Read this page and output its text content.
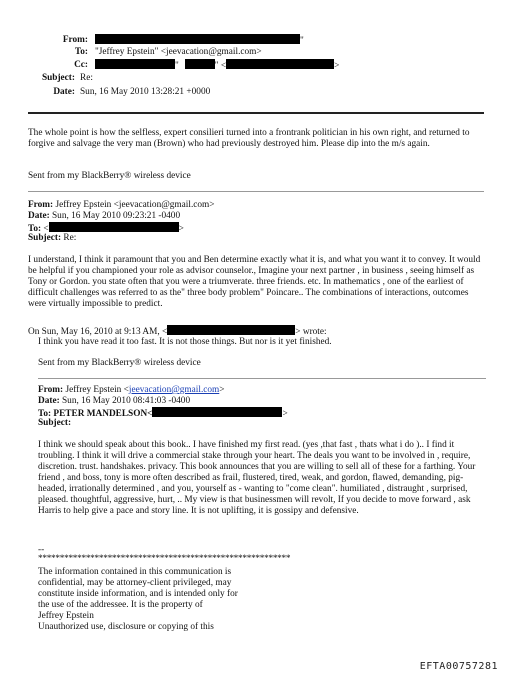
From:	"
To: "Jeffrey Epstein" <jeevacation@gmail.com>
Cc:	"	" <	>
Subject: Re:
Date: Sun, 16 May 2010 13:28:21 +0000
The whole point is how the selfless, expert consilieri turned into a frontrank politician in his own right, and returned to forgive and salvage the very man (Brown) who had previously destroyed him. Please dip into the m/s again.
Sent from my BlackBerry® wireless device
From: Jeffrey Epstein <jeevacation@gmail.com>
Date: Sun, 16 May 2010 09:23:21 -0400
To: <	>
Subject: Re:
I understand, I think it paramount that you and Ben determine exactly what it is, and what you want it to convey. It would be helpful if you championed your role as advisor counselor., Imagine your next partner , in business , seeing himself as Tony or Gordon. you state often that you were a triumverate. three friends. etc. In mathematics , one of the earliest of difficult challenges was referred to as the" three body problem" Poincare.. The combinations of interactions, outcomes were virtually impossible to predict.
On Sun, May 16, 2010 at 9:13 AM, <	> wrote:
I think you have read it too fast. It is not those things. But nor is it yet finished.
Sent from my BlackBerry® wireless device
From: Jeffrey Epstein <jeevacation@gmail.com>
Date: Sun, 16 May 2010 08:41:03 -0400
To: PETER MANDELSON<	>
Subject:
I think we should speak about this book.. I have finished my first read. (yes ,that fast , thats what i do ).. I find it troubling. I think it will drive a commercial stake through your heart. The deals you want to be involved in , require, discretion. trust. handshakes. privacy. This book announces that you are willing to sell all of these for a farthing. Your friend , and boss, tony is more often described as frail, flustered, tired, weak, and gordon, flawed, demanding, pig-headed, irrationally determined , and you, yourself as - wanting to "come clean". humiliated , distraught , surprised, pleased. thoughtful, aggressive, hurt, .. My view is that businessmen will revolt, If you decide to move forward , ask Harris to help give a pace and story line. It is not uplifting, it is gossipy and defensive.
--
**********************************************************
The information contained in this communication is
confidential, may be attorney-client privileged, may
constitute inside information, and is intended only for
the use of the addressee. It is the property of
Jeffrey Epstein
Unauthorized use, disclosure or copying of this
EFTA00757281
